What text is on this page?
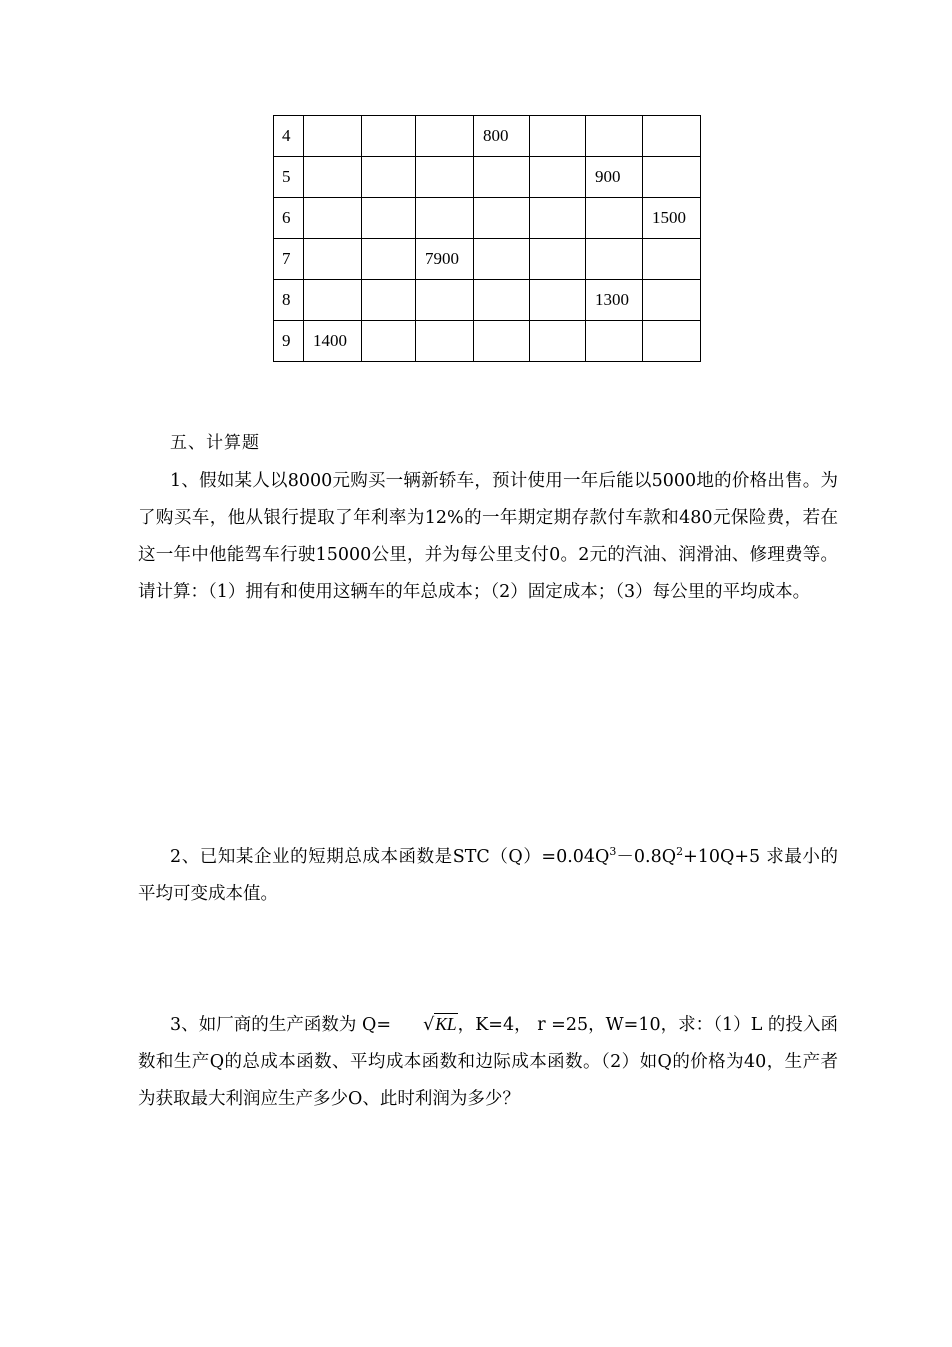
4				800			
5						900	
6							1500
7			7900				
8						1300	
9	1400						
五、计算题

1、假如某人以8000元购买一辆新轿车，预计使用一年后能以5000地的价格出售。为了购买车，他从银行提取了年利率为12%的一年期定期存款付车款和480元保险费，若在这一年中他能驾车行驶15000公里，并为每公里支付0。2元的汽油、润滑油、修理费等。请计算：（1）拥有和使用这辆车的年总成本；（2）固定成本；（3）每公里的平均成本。

2、已知某企业的短期总成本函数是$STC(Q)=0.04Q^3-0.8Q^2+10Q+5$ 求最小的平均可变成本值。

3、如厂商的生产函数为 Q= √KL，K=4， r =25，W=10，求：（1）L 的投入函数和生产Q的总成本函数、平均成本函数和边际成本函数。（2）如Q的价格为40，生产者为获取最大利润应生产多少O、此时利润为多少？
